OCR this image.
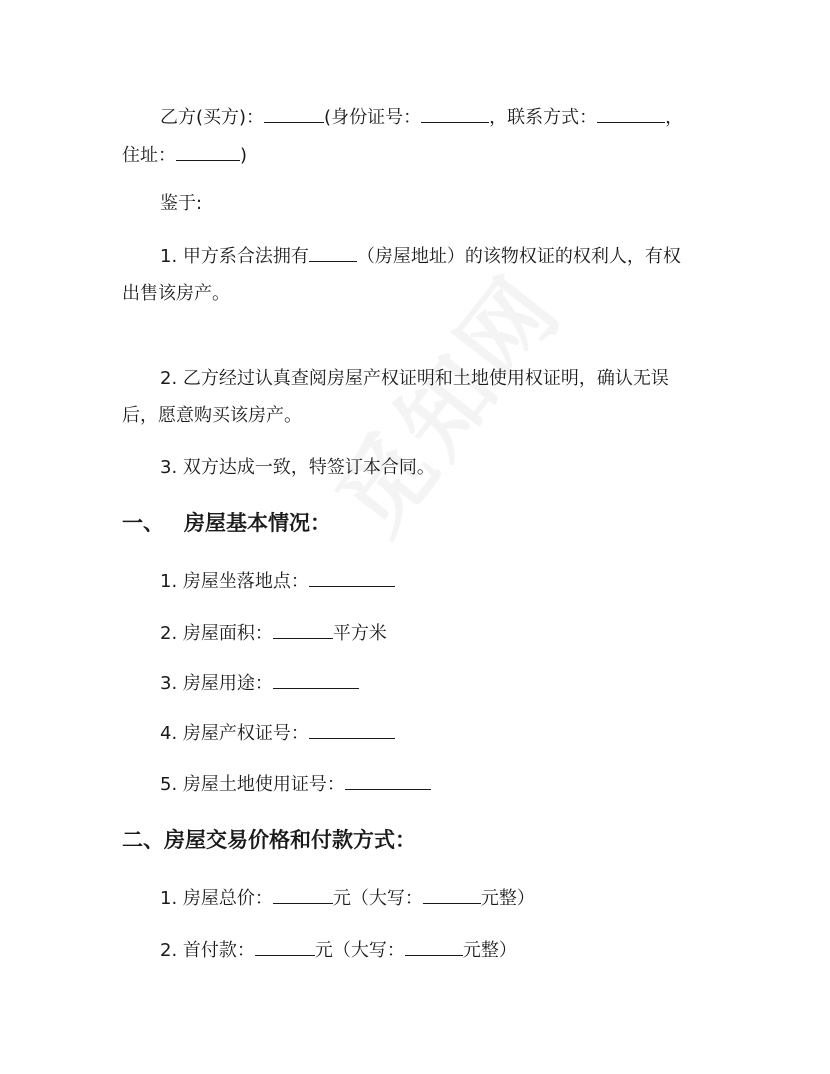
乙方(买方)：	(身份证号：	，联系方式：	，
住址：	)
鉴于:
1. 甲方系合法拥有	（房屋地址）的该物权证的权利人，有权
出售该房产。
2. 乙方经过认真查阅房屋产权证明和土地使用权证明，确认无误
后，愿意购买该房产。
3. 双方达成一致，特签订本合同。
一、 房屋基本情况：
1. 房屋坐落地点：
2. 房屋面积：	平方米
3. 房屋用途：
4. 房屋产权证号：
5. 房屋土地使用证号：
二、房屋交易价格和付款方式：
1. 房屋总价：	元（大写：	元整）
2. 首付款：	元（大写：	元整）
